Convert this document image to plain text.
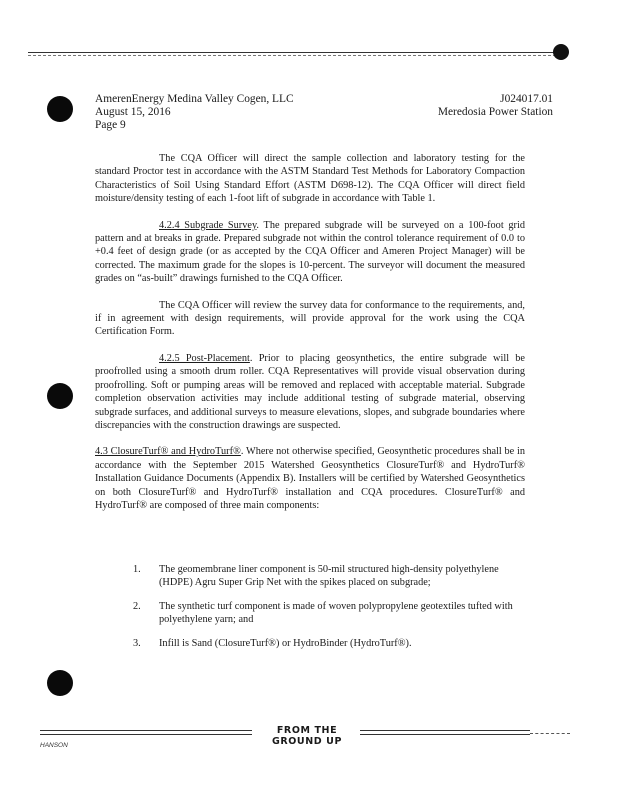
AmerenEnergy Medina Valley Cogen, LLC
August 15, 2016
Page 9
J024017.01
Meredosia Power Station

The CQA Officer will direct the sample collection and laboratory testing for the standard Proctor test in accordance with the ASTM Standard Test Methods for Laboratory Compaction Characteristics of Soil Using Standard Effort (ASTM D698-12). The CQA Officer will direct field moisture/density testing of each 1-foot lift of subgrade in accordance with Table 1.

4.2.4 Subgrade Survey. The prepared subgrade will be surveyed on a 100-foot grid pattern and at breaks in grade. Prepared subgrade not within the control tolerance requirement of 0.0 to +0.4 feet of design grade (or as accepted by the CQA Officer and Ameren Project Manager) will be corrected. The maximum grade for the slopes is 10-percent. The surveyor will document the measured grades on “as-built” drawings furnished to the CQA Officer.

The CQA Officer will review the survey data for conformance to the requirements, and, if in agreement with design requirements, will provide approval for the work using the CQA Certification Form.

4.2.5 Post-Placement. Prior to placing geosynthetics, the entire subgrade will be proofrolled using a smooth drum roller. CQA Representatives will provide visual observation during proofrolling. Soft or pumping areas will be removed and replaced with acceptable material. Subgrade completion observation activities may include additional testing of subgrade material, observing subgrade surfaces, and additional surveys to measure elevations, slopes, and subgrade boundaries where discrepancies with the construction drawings are suspected.

4.3 ClosureTurf® and HydroTurf®. Where not otherwise specified, Geosynthetic procedures shall be in accordance with the September 2015 Watershed Geosynthetics ClosureTurf® and HydroTurf® Installation Guidance Documents (Appendix B). Installers will be certified by Watershed Geosynthetics on both ClosureTurf® and HydroTurf® installation and CQA procedures. ClosureTurf® and HydroTurf® are composed of three main components:

1. The geomembrane liner component is 50-mil structured high-density polyethylene (HDPE) Agru Super Grip Net with the spikes placed on subgrade;
2. The synthetic turf component is made of woven polypropylene geotextiles tufted with polyethylene yarn; and
3. Infill is Sand (ClosureTurf®) or HydroBinder (HydroTurf®).
FROM THE GROUND UP
HANSON
